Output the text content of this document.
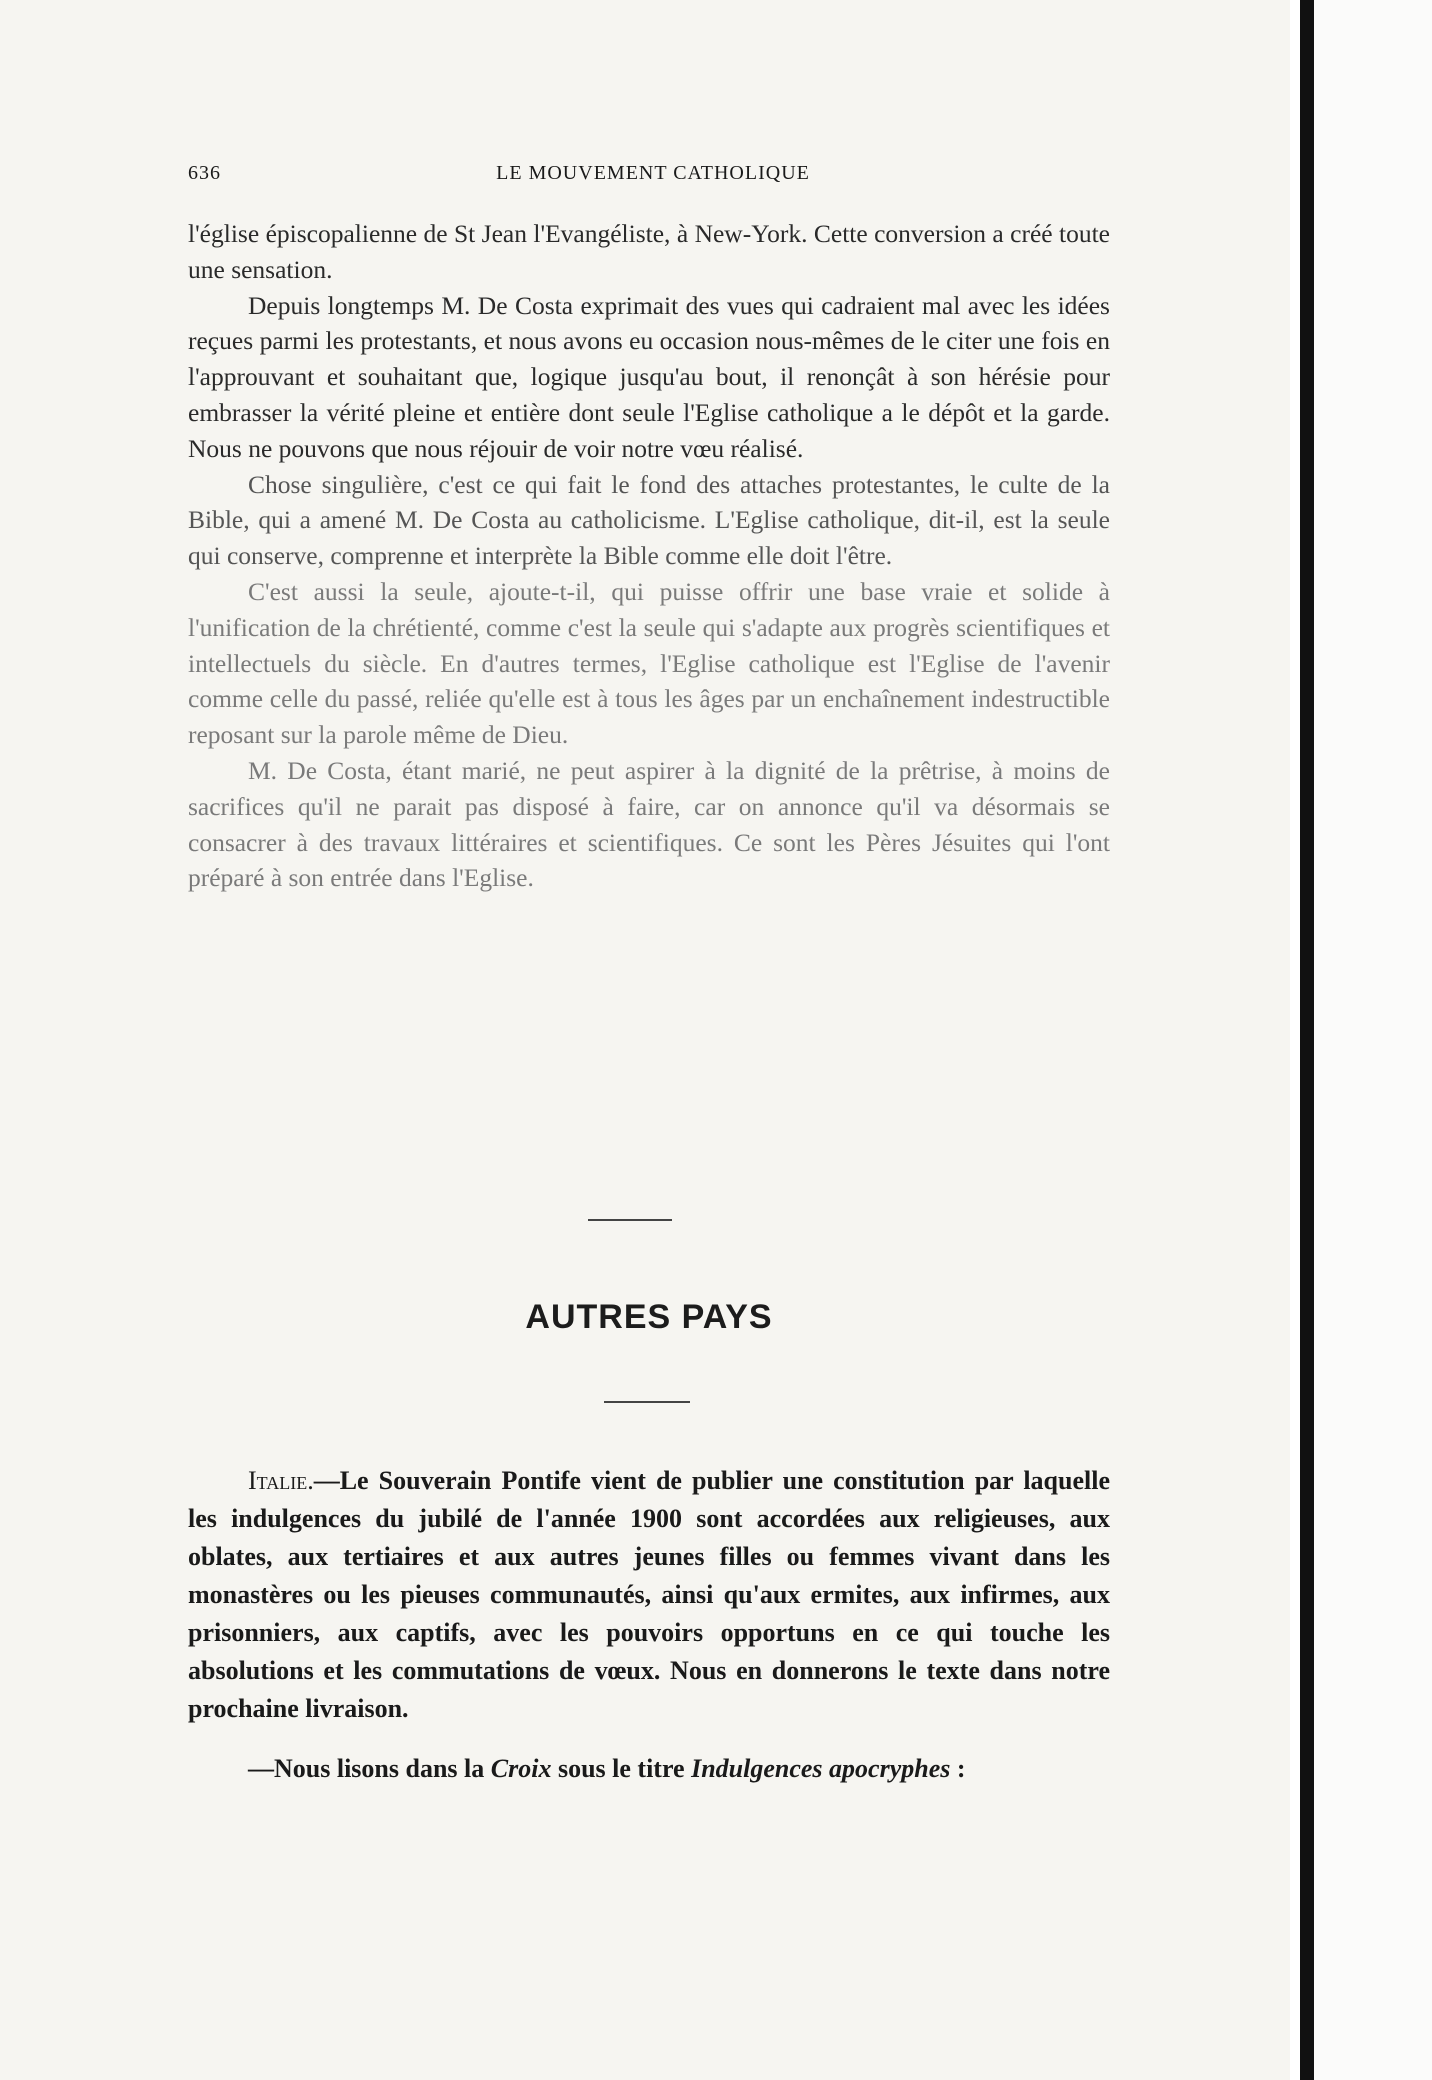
636	LE MOUVEMENT CATHOLIQUE

l'église épiscopalienne de St Jean l'Evangéliste, à New-York. Cette conversion a créé toute une sensation.

Depuis longtemps M. De Costa exprimait des vues qui cadraient mal avec les idées reçues parmi les protestants, et nous avons eu occasion nous-mêmes de le citer une fois en l'approuvant et souhaitant que, logique jusqu'au bout, il renonçât à son hérésie pour embrasser la vérité pleine et entière dont seule l'Eglise catholique a le dépôt et la garde. Nous ne pouvons que nous réjouir de voir notre vœu réalisé.

Chose singulière, c'est ce qui fait le fond des attaches protestantes, le culte de la Bible, qui a amené M. De Costa au catholicisme. L'Eglise catholique, dit-il, est la seule qui conserve, comprenne et interprète la Bible comme elle doit l'être.

C'est aussi la seule, ajoute-t-il, qui puisse offrir une base vraie et solide à l'unification de la chrétienté, comme c'est la seule qui s'adapte aux progrès scientifiques et intellectuels du siècle. En d'autres termes, l'Eglise catholique est l'Eglise de l'avenir comme celle du passé, reliée qu'elle est à tous les âges par un enchaînement indestructible reposant sur la parole même de Dieu.

M. De Costa, étant marié, ne peut aspirer à la dignité de la prêtrise, à moins de sacrifices qu'il ne parait pas disposé à faire, car on annonce qu'il va désormais se consacrer à des travaux littéraires et scientifiques. Ce sont les Pères Jésuites qui l'ont préparé à son entrée dans l'Eglise.

AUTRES PAYS

Italie.—Le Souverain Pontife vient de publier une constitution par laquelle les indulgences du jubilé de l'année 1900 sont accordées aux religieuses, aux oblates, aux tertiaires et aux autres jeunes filles ou femmes vivant dans les monastères ou les pieuses communautés, ainsi qu'aux ermites, aux infirmes, aux prisonniers, aux captifs, avec les pouvoirs opportuns en ce qui touche les absolutions et les commutations de vœux. Nous en donnerons le texte dans notre prochaine livraison.

—Nous lisons dans la Croix sous le titre Indulgences apocryphes :
